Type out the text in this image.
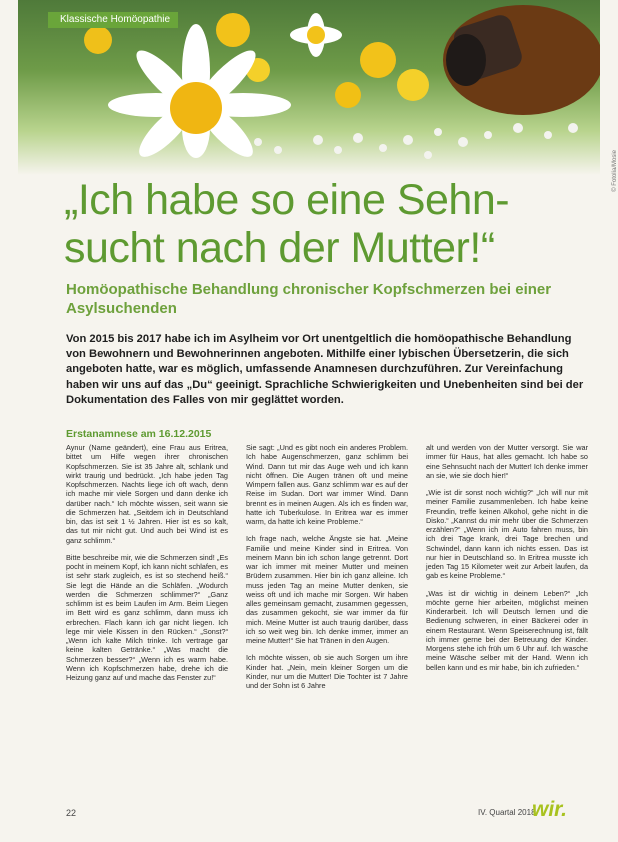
Klassische Homöopathie
© Fotolia/Mosie
„Ich habe so eine Sehn-sucht nach der Mutter!“
Homöopathische Behandlung chronischer Kopfschmerzen bei einer Asylsuchenden

Von 2015 bis 2017 habe ich im Asylheim vor Ort unentgeltlich die homöopathische Behandlung von Bewohnern und Bewohnerinnen angeboten. Mithilfe einer lybischen Übersetzerin, die sich angeboten hatte, war es möglich, umfassende Anamnesen durchzuführen. Zur Vereinfachung haben wir uns auf das „Du“ geeinigt. Sprachliche Schwierigkeiten und Unebenheiten sind bei der Dokumentation des Falles von mir geglättet worden.

Erstanamnese am 16.12.2015

Aynur (Name geändert), eine Frau aus Eritrea, bittet um Hilfe wegen ihrer chronischen Kopfschmerzen. Sie ist 35 Jahre alt, schlank und wirkt traurig und bedrückt. „Ich habe jeden Tag Kopfschmerzen. Nachts liege ich oft wach, denn ich mache mir viele Sorgen und dann denke ich darüber nach.“ Ich möchte wissen, seit wann sie die Schmerzen hat. „Seitdem ich in Deutschland bin, das ist seit 1 ½ Jahren. Hier ist es so kalt, das tut mir nicht gut. Und auch bei Wind ist es ganz schlimm.“

Bitte beschreibe mir, wie die Schmerzen sind! „Es pocht in meinem Kopf, ich kann nicht schlafen, es ist sehr stark zugleich, es ist so stechend heiß.“ Sie legt die Hände an die Schläfen. „Wodurch werden die Schmerzen schlimmer?“ „Ganz schlimm ist es beim Laufen im Arm. Beim Liegen im Bett wird es ganz schlimm, dann muss ich erbrechen. Flach kann ich gar nicht liegen. Ich lege mir viele Kissen in den Rücken.“ „Sonst?“ „Wenn ich kalte Milch trinke. Ich vertrage gar keine kalten Getränke.“ „Was macht die Schmerzen besser?“ „Wenn ich es warm habe. Wenn ich Kopfschmerzen habe, drehe ich die Heizung ganz auf und mache das Fenster zu!“

Sie sagt: „Und es gibt noch ein anderes Problem. Ich habe Augenschmerzen, ganz schlimm bei Wind. Dann tut mir das Auge weh und ich kann nicht öffnen. Die Augen tränen oft und meine Wimpern fallen aus. Ganz schlimm war es auf der Reise im Sudan. Dort war immer Wind. Dann brennt es in meinen Augen. Als ich es finden war, hatte ich Tuberkulose. In Eritrea war es immer warm, da hatte ich keine Probleme.“

Ich frage nach, welche Ängste sie hat. „Meine Familie und meine Kinder sind in Eritrea. Von meinem Mann bin ich schon lange getrennt. Dort war ich immer mit meiner Mutter und meinen Brüdern zusammen. Hier bin ich ganz alleine. Ich muss jeden Tag an meine Mutter denken, sie weiss oft und ich mache mir Sorgen. Wir haben alles gemeinsam gemacht, zusammen gegessen, das zusammen gekocht, sie war immer da für mich. Meine Mutter ist auch traurig darüber, dass ich so weit weg bin. Ich denke immer, immer an meine Mutter!“ Sie hat Tränen in den Augen.

Ich möchte wissen, ob sie auch Sorgen um ihre Kinder hat. „Nein, mein kleiner Sorgen um die Kinder, nur um die Mutter! Die Tochter ist 7 Jahre und der Sohn ist 6 Jahre

alt und werden von der Mutter versorgt. Sie war immer für Haus, hat alles gemacht. Ich habe so eine Sehnsucht nach der Mutter! Ich denke immer an sie, wie sie doch hier!“

„Wie ist dir sonst noch wichtig?“ „Ich will nur mit meiner Familie zusammenleben. Ich habe keine Freundin, treffe keinen Alkohol, gehe nicht in die Disko.“ „Kannst du mir mehr über die Schmerzen erzählen?“ „Wenn ich im Auto fahren muss, bin ich drei Tage krank, drei Tage brechen und Schwindel, dann kann ich nichts essen. Das ist nur hier in Deutschland so. In Eritrea musste ich jeden Tag 15 Kilometer weit zur Arbeit laufen, da gab es keine Probleme.“

„Was ist dir wichtig in deinem Leben?“ „Ich möchte gerne hier arbeiten, möglichst meinen Kinderarbeit. Ich will Deutsch lernen und die Bedienung schweren, in einer Bäckerei oder in einem Restaurant. Wenn Speiserechnung ist, fällt ich immer gerne bei der Betreuung der Kinder. Morgens stehe ich früh um 6 Uhr auf. Ich wasche meine Wäsche selber mit der Hand. Wenn ich bellen kann und es mir habe, bin ich zufrieden.“

22	IV. Quartal 2018
wir.
